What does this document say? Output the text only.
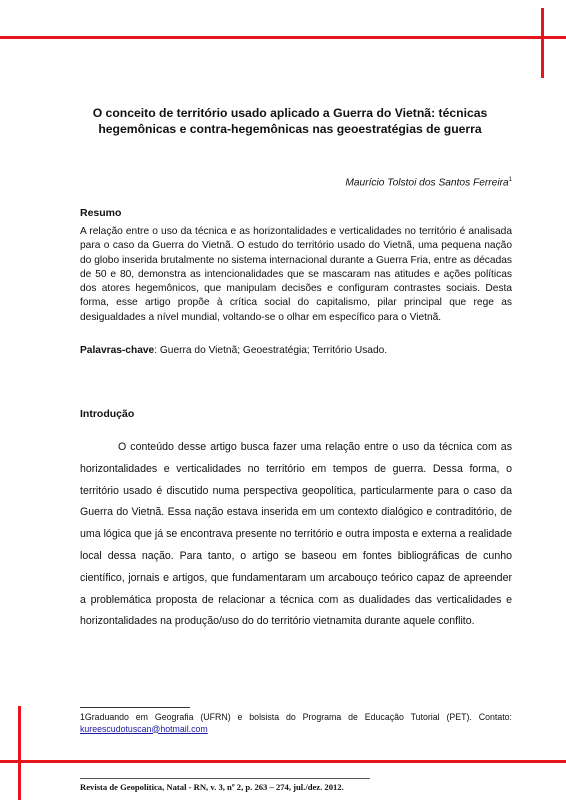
O conceito de território usado aplicado a Guerra do Vietnã: técnicas hegemônicas e contra-hegemônicas nas geoestratégias de guerra
Maurício Tolstoi dos Santos Ferreira$^1$
Resumo

A relação entre o uso da técnica e as horizontalidades e verticalidades no território é analisada para o caso da Guerra do Vietnã. O estudo do território usado do Vietnã, uma pequena nação do globo inserida brutalmente no sistema internacional durante a Guerra Fria, entre as décadas de 50 e 80, demonstra as intencionalidades que se mascaram nas atitudes e ações políticas dos atores hegemônicos, que manipulam decisões e configuram contrastes sociais. Desta forma, esse artigo propõe à crítica social do capitalismo, pilar principal que rege as desigualdades a nível mundial, voltando-se o olhar em específico para o Vietnã.

Palavras-chave: Guerra do Vietnã; Geoestratégia; Território Usado.

Introdução

O conteúdo desse artigo busca fazer uma relação entre o uso da técnica com as horizontalidades e verticalidades no território em tempos de guerra. Dessa forma, o território usado é discutido numa perspectiva geopolítica, particularmente para o caso da Guerra do Vietnã. Essa nação estava inserida em um contexto dialógico e contraditório, de uma lógica que já se encontrava presente no território e outra imposta e externa a realidade local dessa nação. Para tanto, o artigo se baseou em fontes bibliográficas de cunho científico, jornais e artigos, que fundamentaram um arcabouço teórico capaz de apreender a problemática proposta de relacionar a técnica com as dualidades das verticalidades e horizontalidades na produção/uso do do território vietnamita durante aquele conflito.

1Graduando em Geografia (UFRN) e bolsista do Programa de Educação Tutorial (PET). Contato: kureescudotuscan@hotmail.com

Revista de Geopolítica, Natal - RN, v. 3, nº 2, p. 263 – 274, jul./dez. 2012.
